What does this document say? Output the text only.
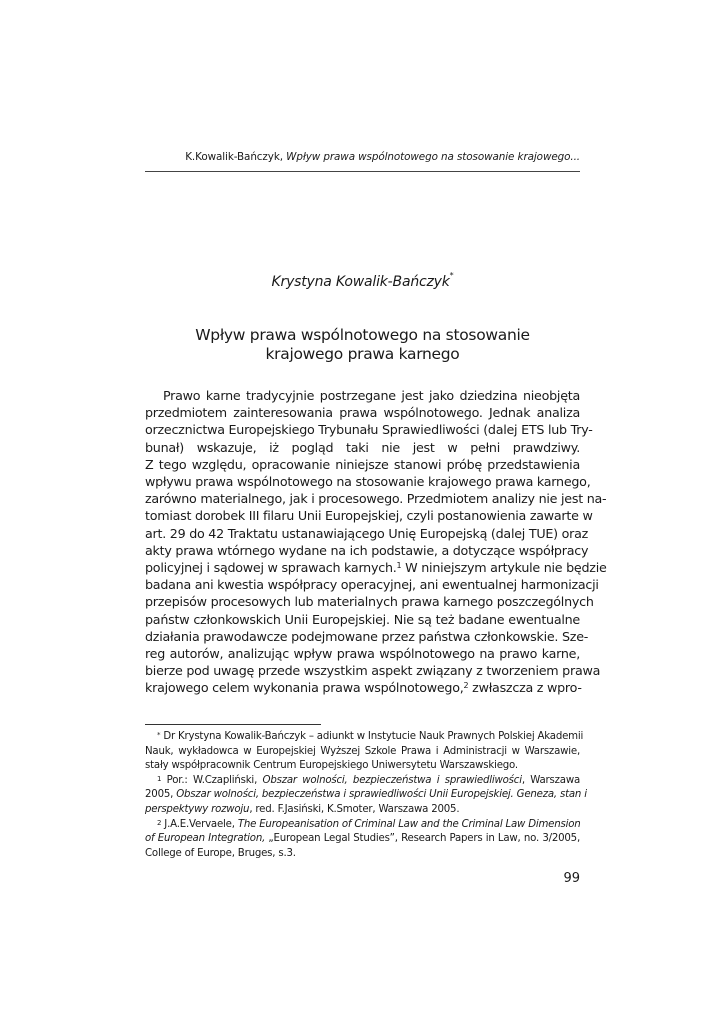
K.Kowalik-Bańczyk, Wpływ prawa wspólnotowego na stosowanie krajowego...
Krystyna Kowalik-Bańczyk*
Wpływ prawa wspólnotowego na stosowanie
krajowego prawa karnego
Prawo karne tradycyjnie postrzegane jest jako dziedzina nieobjęta
przedmiotem zainteresowania prawa wspólnotowego. Jednak analiza
orzecznictwa Europejskiego Trybunału Sprawiedliwości (dalej ETS lub Try-
bunał) wskazuje, iż pogląd taki nie jest w pełni prawdziwy.
Z tego względu, opracowanie niniejsze stanowi próbę przedstawienia
wpływu prawa wspólnotowego na stosowanie krajowego prawa karnego,
zarówno materialnego, jak i procesowego. Przedmiotem analizy nie jest na-
tomiast dorobek III filaru Unii Europejskiej, czyli postanowienia zawarte w
art. 29 do 42 Traktatu ustanawiającego Unię Europejską (dalej TUE) oraz
akty prawa wtórnego wydane na ich podstawie, a dotyczące współpracy
policyjnej i sądowej w sprawach karnych.$^1$ W niniejszym artykule nie będzie
badana ani kwestia współpracy operacyjnej, ani ewentualnej harmonizacji
przepisów procesowych lub materialnych prawa karnego poszczególnych
państw członkowskich Unii Europejskiej. Nie są też badane ewentualne
działania prawodawcze podejmowane przez państwa członkowskie. Sze-
reg autorów, analizując wpływ prawa wspólnotowego na prawo karne,
bierze pod uwagę przede wszystkim aspekt związany z tworzeniem prawa
krajowego celem wykonania prawa wspólnotowego,$^2$ zwłaszcza z wpro-
* Dr Krystyna Kowalik-Bańczyk – adiunkt w Instytucie Nauk Prawnych Polskiej Akademii
Nauk, wykładowca w Europejskiej Wyższej Szkole Prawa i Administracji w Warszawie,
stały współpracownik Centrum Europejskiego Uniwersytetu Warszawskiego.
$^1$ Por.: W.Czapliński, Obszar wolności, bezpieczeństwa i sprawiedliwości, Warszawa
2005, Obszar wolności, bezpieczeństwa i sprawiedliwości Unii Europejskiej. Geneza, stan i
perspektywy rozwoju, red. F.Jasiński, K.Smoter, Warszawa 2005.
$^2$ J.A.E.Vervaele, The Europeanisation of Criminal Law and the Criminal Law Dimension
of European Integration, „European Legal Studies”, Research Papers in Law, no. 3/2005,
College of Europe, Bruges, s.3.
99
